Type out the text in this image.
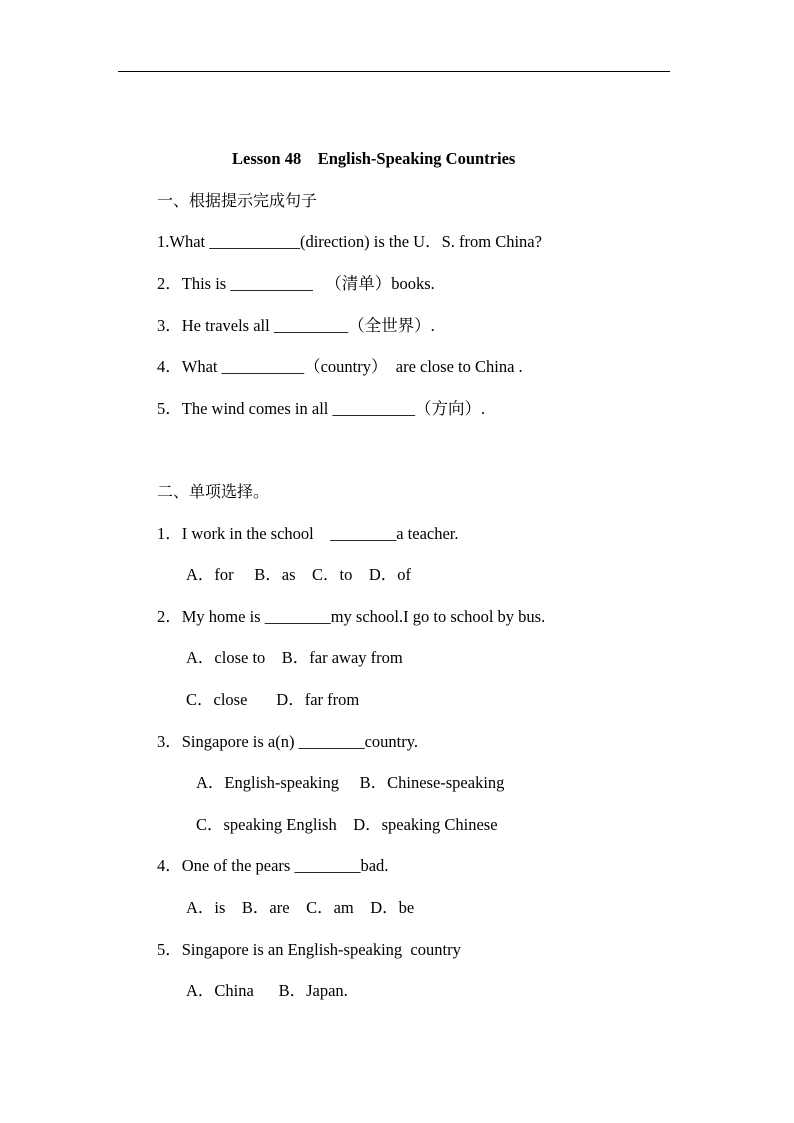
Lesson 48    English-Speaking Countries
一、根据提示完成句子
1.What ___________(direction) is the U．S. from China?
2．This is __________   （清单）books.
3．He travels all _________（全世界）.
4．What __________（country）  are close to China .
5．The wind comes in all __________（方向）.
二、单项选择。
1．I work in the school    ________a teacher.
A．for     B．as    C．to    D．of
2．My home is ________my school.I go to school by bus.
A．close to    B．far away from
C．close       D．far from
3．Singapore is a(n) ________country.
A．English-speaking     B．Chinese-speaking
C．speaking English    D．speaking Chinese
4．One of the pears ________bad.
A．is    B．are    C．am    D．be
5．Singapore is an English-speaking  country
A．China      B．Japan.
